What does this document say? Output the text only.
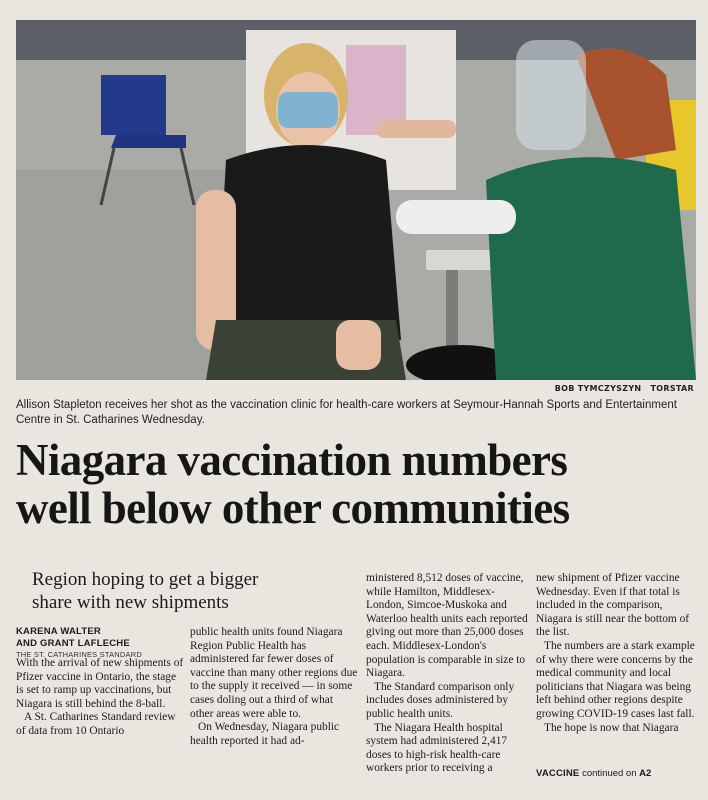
BOB TYMCZYSZYN TORSTAR
Allison Stapleton receives her shot as the vaccination clinic for health-care workers at Seymour-Hannah Sports and Entertainment Centre in St. Catharines Wednesday.
Niagara vaccination numbers
well below other communities
Region hoping to get a bigger
share with new shipments
KARENA WALTER
AND GRANT LAFLECHE
THE ST. CATHARINES STANDARD

With the arrival of new shipments of Pfizer vaccine in Ontario, the stage is set to ramp up vaccinations, but Niagara is still behind the 8-ball.

A St. Catharines Standard review of data from 10 Ontario

public health units found Niagara Region Public Health has administered far fewer doses of vaccine than many other regions due to the supply it received — in some cases doling out a third of what other areas were able to.

On Wednesday, Niagara public health reported it had ad-

ministered 8,512 doses of vaccine, while Hamilton, Middlesex-London, Simcoe-Muskoka and Waterloo health units each reported giving out more than 25,000 doses each. Middlesex-London's population is comparable in size to Niagara.

The Standard comparison only includes doses administered by public health units.

The Niagara Health hospital system had administered 2,417 doses to high-risk health-care workers prior to receiving a

new shipment of Pfizer vaccine Wednesday. Even if that total is included in the comparison, Niagara is still near the bottom of the list.

The numbers are a stark example of why there were concerns by the medical community and local politicians that Niagara was being left behind other regions despite growing COVID-19 cases last fall.

The hope is now that Niagara

VACCINE continued on A2
